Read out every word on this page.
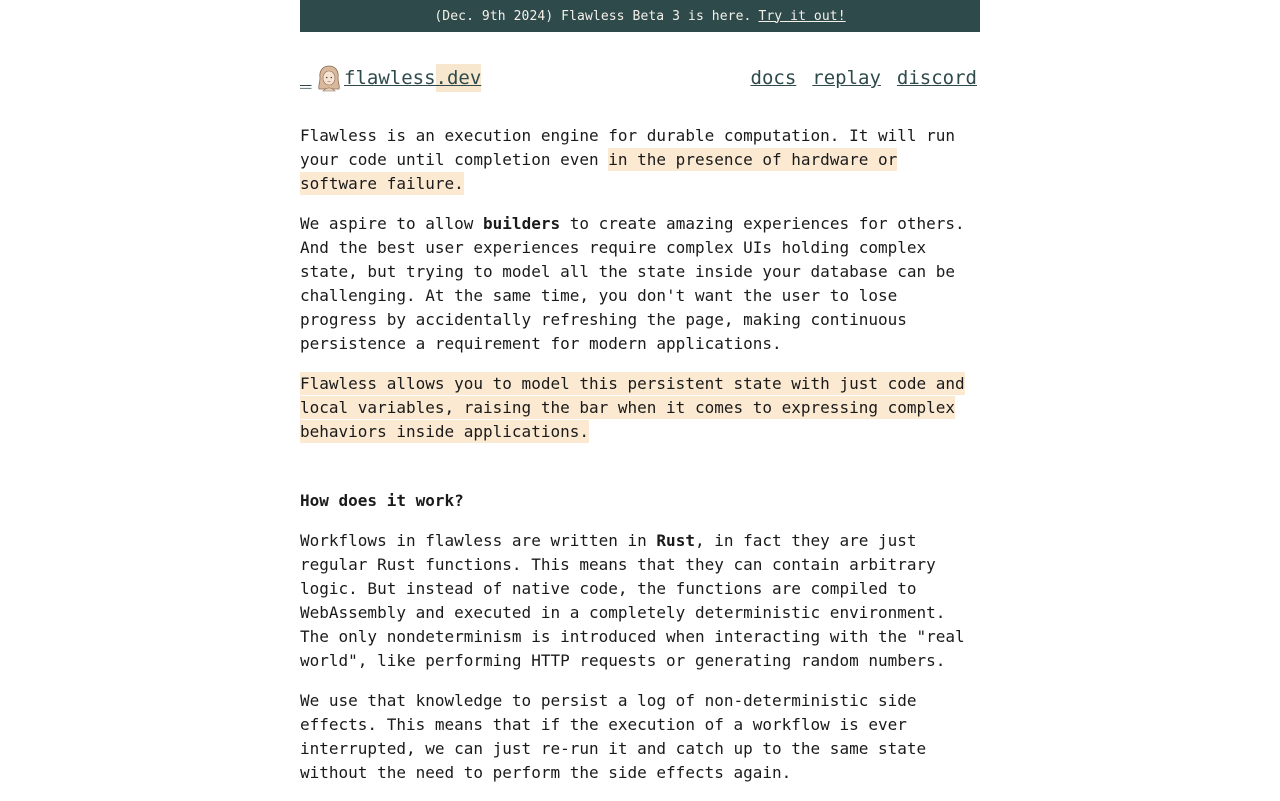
(Dec. 9th 2024) Flawless Beta 3 is here. Try it out!
_ flawless .dev	docs replay discord

Flawless is an execution engine for durable computation. It will run your code until completion even in the presence of hardware or software failure.

We aspire to allow builders to create amazing experiences for others. And the best user experiences require complex UIs holding complex state, but trying to model all the state inside your database can be challenging. At the same time, you don't want the user to lose progress by accidentally refreshing the page, making continuous persistence a requirement for modern applications.

Flawless allows you to model this persistent state with just code and local variables, raising the bar when it comes to expressing complex behaviors inside applications.

How does it work?

Workflows in flawless are written in Rust, in fact they are just regular Rust functions. This means that they can contain arbitrary logic. But instead of native code, the functions are compiled to WebAssembly and executed in a completely deterministic environment. The only nondeterminism is introduced when interacting with the "real world", like performing HTTP requests or generating random numbers.

We use that knowledge to persist a log of non-deterministic side effects. This means that if the execution of a workflow is ever interrupted, we can just re-run it and catch up to the same state without the need to perform the side effects again.
